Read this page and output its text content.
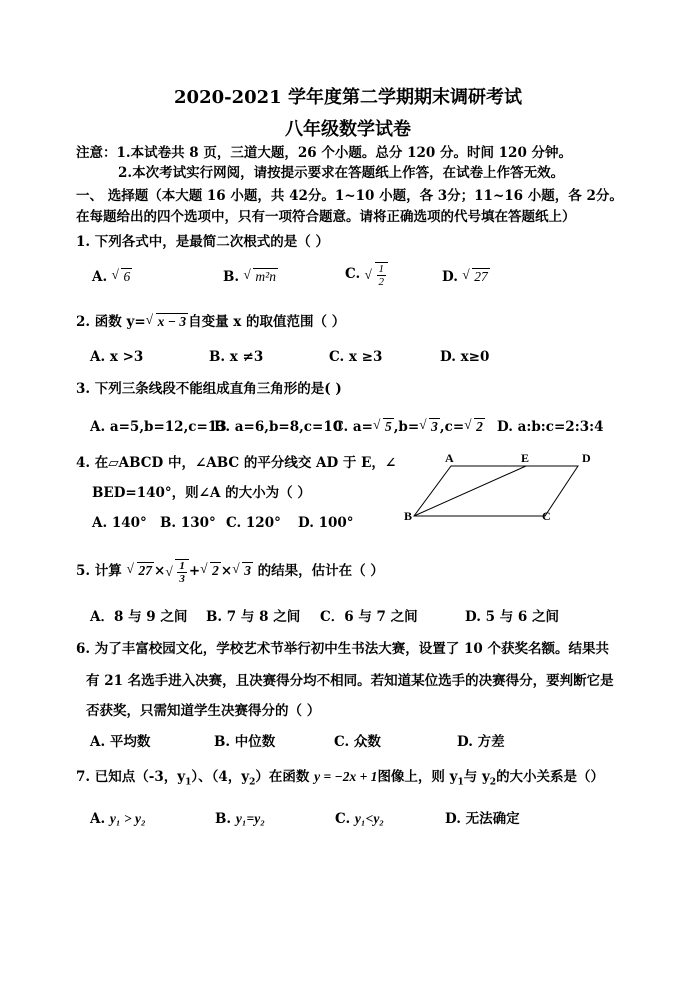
2020-2021 学年度第二学期期末调研考试
八年级数学试卷
注意：1.本试卷共 8 页，三道大题，26 个小题。总分 120 分。时间 120 分钟。
2.本次考试实行网阅，请按提示要求在答题纸上作答，在试卷上作答无效。
一、 选择题（本大题 16 小题，共 42分。1~10 小题，各 3分；11~16 小题，各 2分。
在每题给出的四个选项中，只有一项符合题意。请将正确选项的代号填在答题纸上）
1. 下列各式中，是最简二次根式的是（ ）
A. √ 6	B. √ m²n	C. √ $\frac{1}{2}$	D. √ 27
2. 函数 y= √ x − 3 自变量 x 的取值范围（ ）
A. x >3	B. x ≠3	C. x ≥3	D. x≥0
3. 下列三条线段不能组成直角三角形的是( )
A. a=5,b=12,c=13
B. a=6,b=8,c=10
C. a= √ 5 ,b= √ 3 ,c= √ 2 D. a:b:c=2:3:4
4. 在▱ABCD 中，∠ABC 的平分线交 AD 于 E，∠
BED=140°，则∠A 的大小为（ ）
A. 140° B. 130° C. 120° D. 100°
A	E	D
B	C
5. 计算 √ 27 × √ $\frac{1}{3}$ + √ 2 × √ 3 的结果，估计在（ ）
A．8 与 9 之间 B. 7 与 8 之间 C．6 与 7 之间	D. 5 与 6 之间
6. 为了丰富校园文化，学校艺术节举行初中生书法大赛，设置了 10 个获奖名额。结果共
有 21 名选手进入决赛，且决赛得分均不相同。若知道某位选手的决赛得分，要判断它是
否获奖，只需知道学生决赛得分的（ ）
A. 平均数	B. 中位数	C. 众数	D. 方差
7. 已知点（-3，$y_1$）、（4，$y_2$）在函数 y = −2x + 1图像上，则 $y_1$与 $y_2$的大小关系是（）
A. y₁ > y₂	B. y₁=y₂	C. y₁<y₂	D. 无法确定
